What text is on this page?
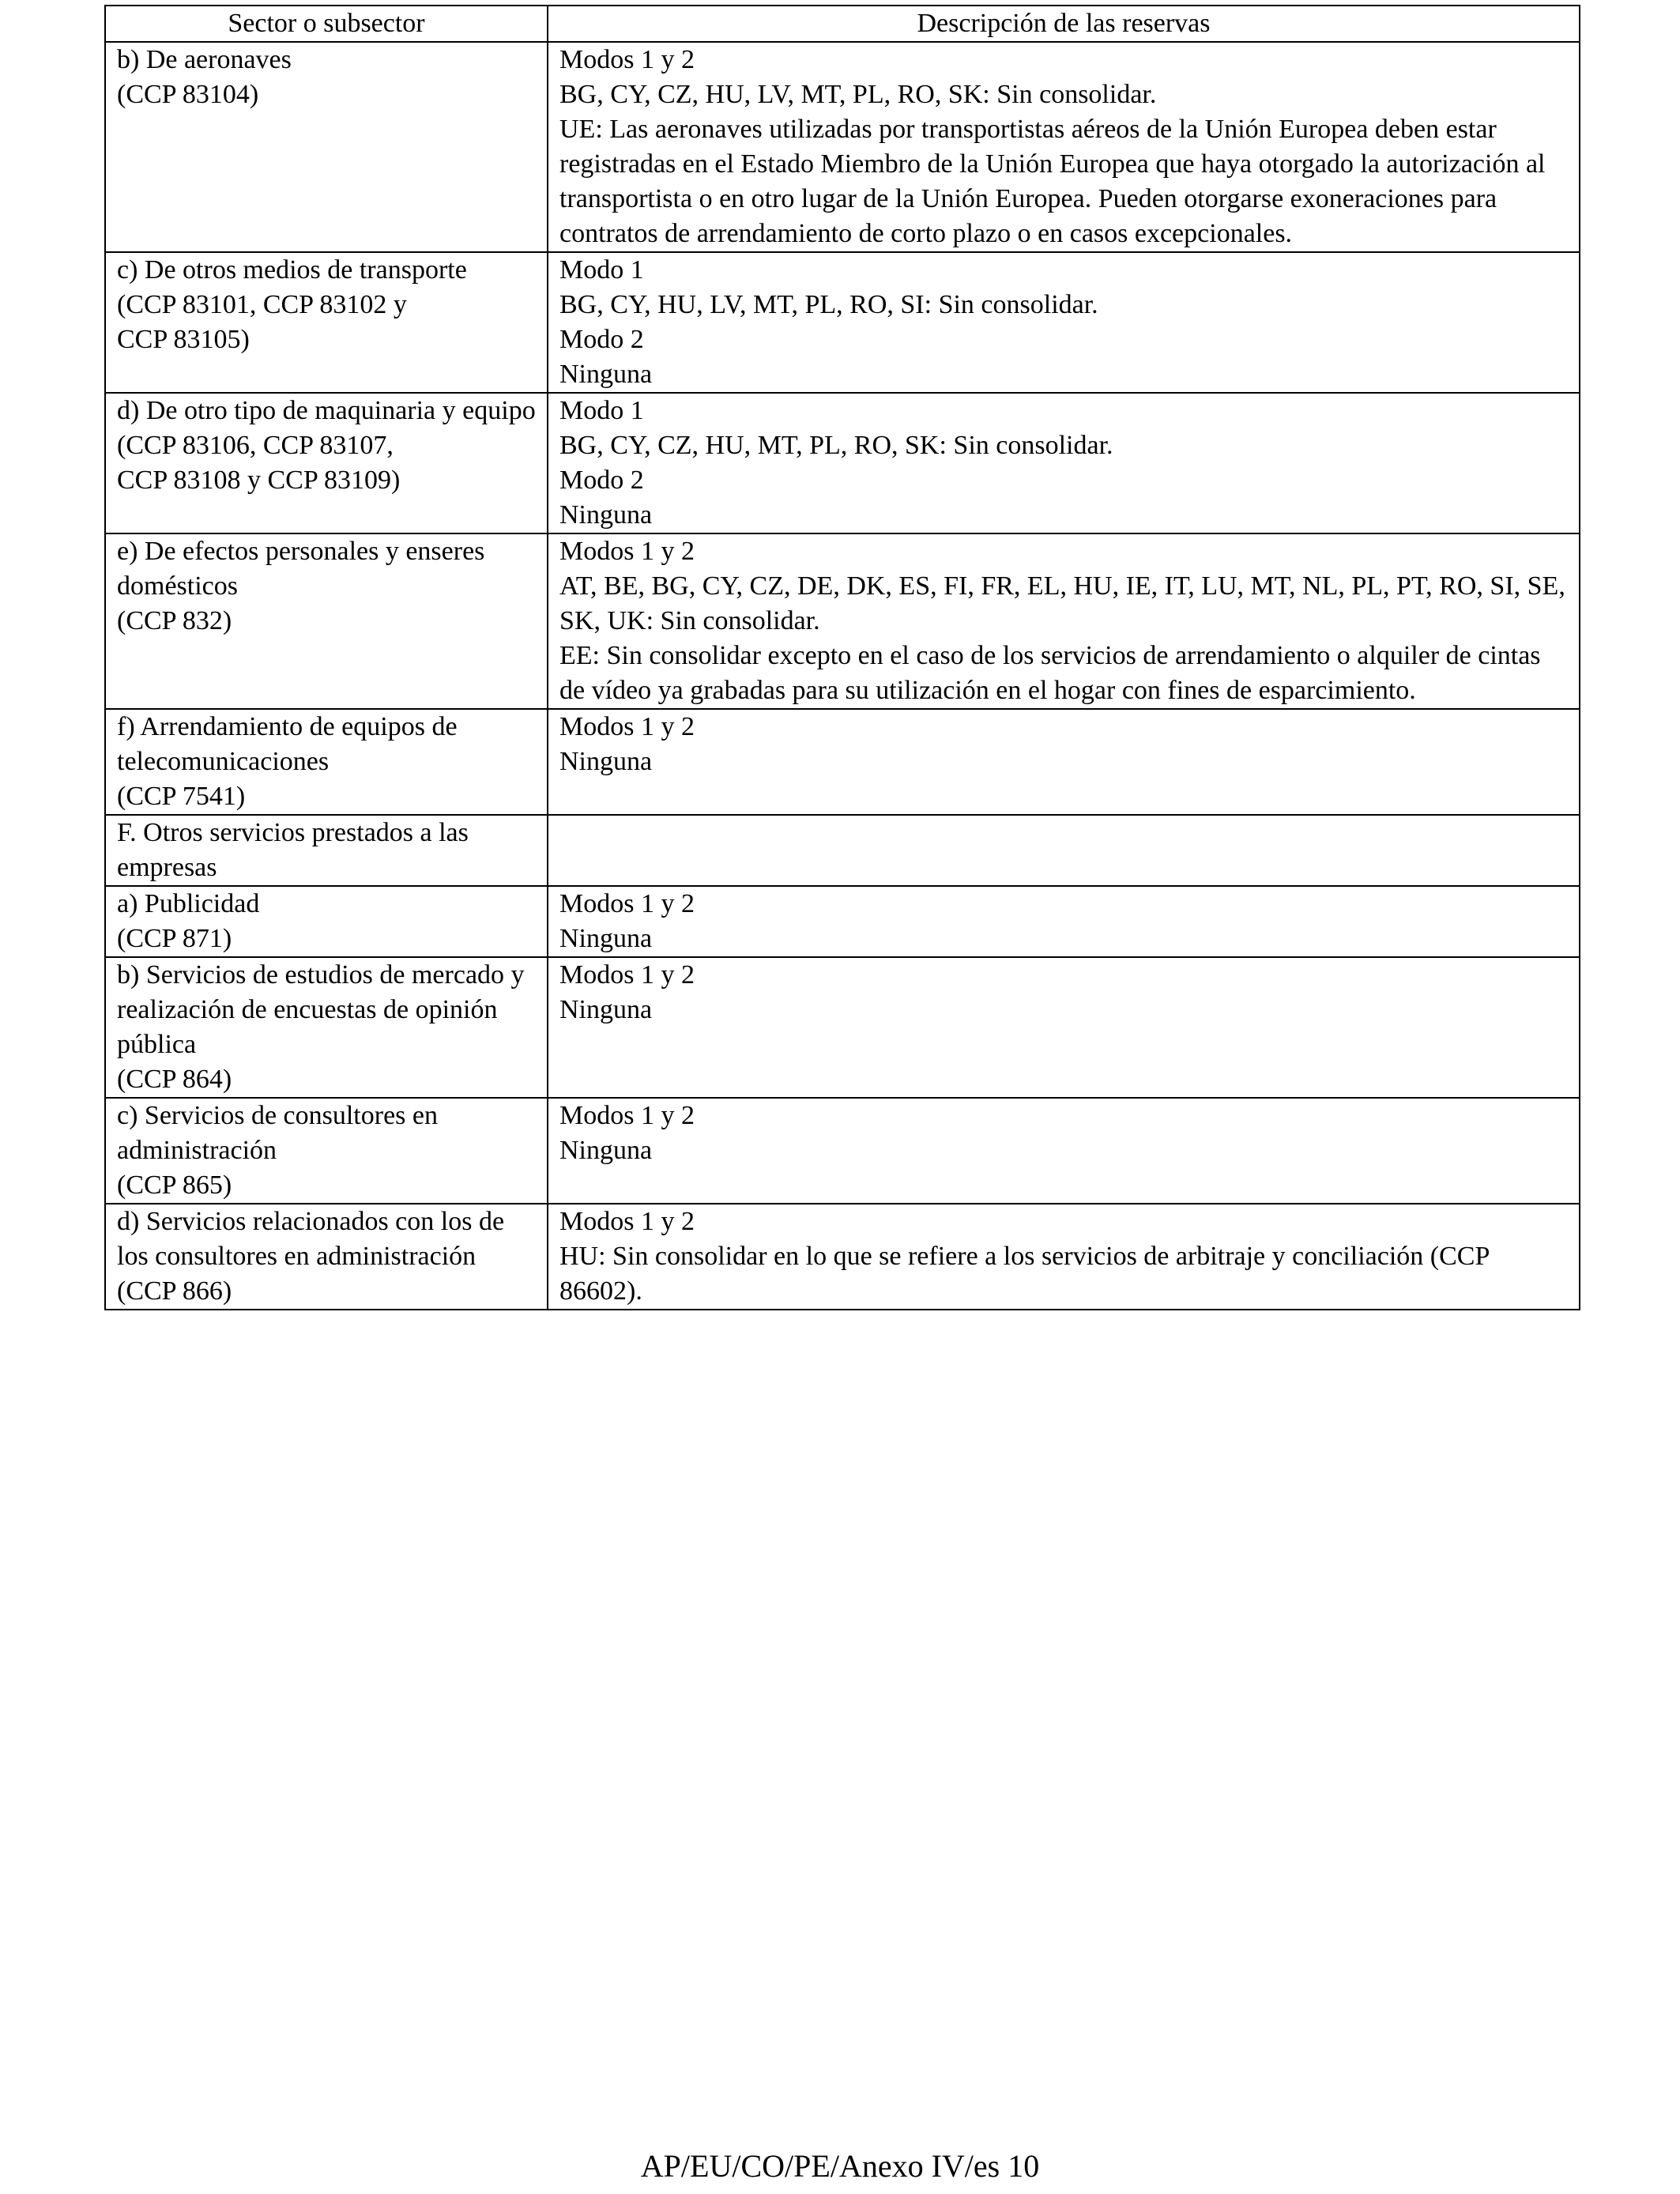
Sector o subsector	Descripción de las reservas

b) De aeronaves
(CCP 83104)	Modos 1 y 2
BG, CY, CZ, HU, LV, MT, PL, RO, SK: Sin consolidar.
UE: Las aeronaves utilizadas por transportistas aéreos de la Unión Europea deben estar registradas en el Estado Miembro de la Unión Europea que haya otorgado la autorización al transportista o en otro lugar de la Unión Europea. Pueden otorgarse exoneraciones para contratos de arrendamiento de corto plazo o en casos excepcionales.

c) De otros medios de transporte
(CCP 83101, CCP 83102 y
CCP 83105)	Modo 1
BG, CY, HU, LV, MT, PL, RO, SI: Sin consolidar.
Modo 2
Ninguna

d) De otro tipo de maquinaria y equipo
(CCP 83106, CCP 83107,
CCP 83108 y CCP 83109)	Modo 1
BG, CY, CZ, HU, MT, PL, RO, SK: Sin consolidar.
Modo 2
Ninguna

e) De efectos personales y enseres domésticos
(CCP 832)	Modos 1 y 2
AT, BE, BG, CY, CZ, DE, DK, ES, FI, FR, EL, HU, IE, IT, LU, MT, NL, PL, PT, RO, SI, SE, SK, UK: Sin consolidar.
EE: Sin consolidar excepto en el caso de los servicios de arrendamiento o alquiler de cintas de vídeo ya grabadas para su utilización en el hogar con fines de esparcimiento.

f) Arrendamiento de equipos de telecomunicaciones
(CCP 7541)	Modos 1 y 2
Ninguna

F. Otros servicios prestados a las empresas	

a) Publicidad
(CCP 871)	Modos 1 y 2
Ninguna

b) Servicios de estudios de mercado y realización de encuestas de opinión pública
(CCP 864)	Modos 1 y 2
Ninguna

c) Servicios de consultores en administración
(CCP 865)	Modos 1 y 2
Ninguna

d) Servicios relacionados con los de los consultores en administración
(CCP 866)	Modos 1 y 2
HU: Sin consolidar en lo que se refiere a los servicios de arbitraje y conciliación (CCP 86602).
AP/EU/CO/PE/Anexo IV/es 10
